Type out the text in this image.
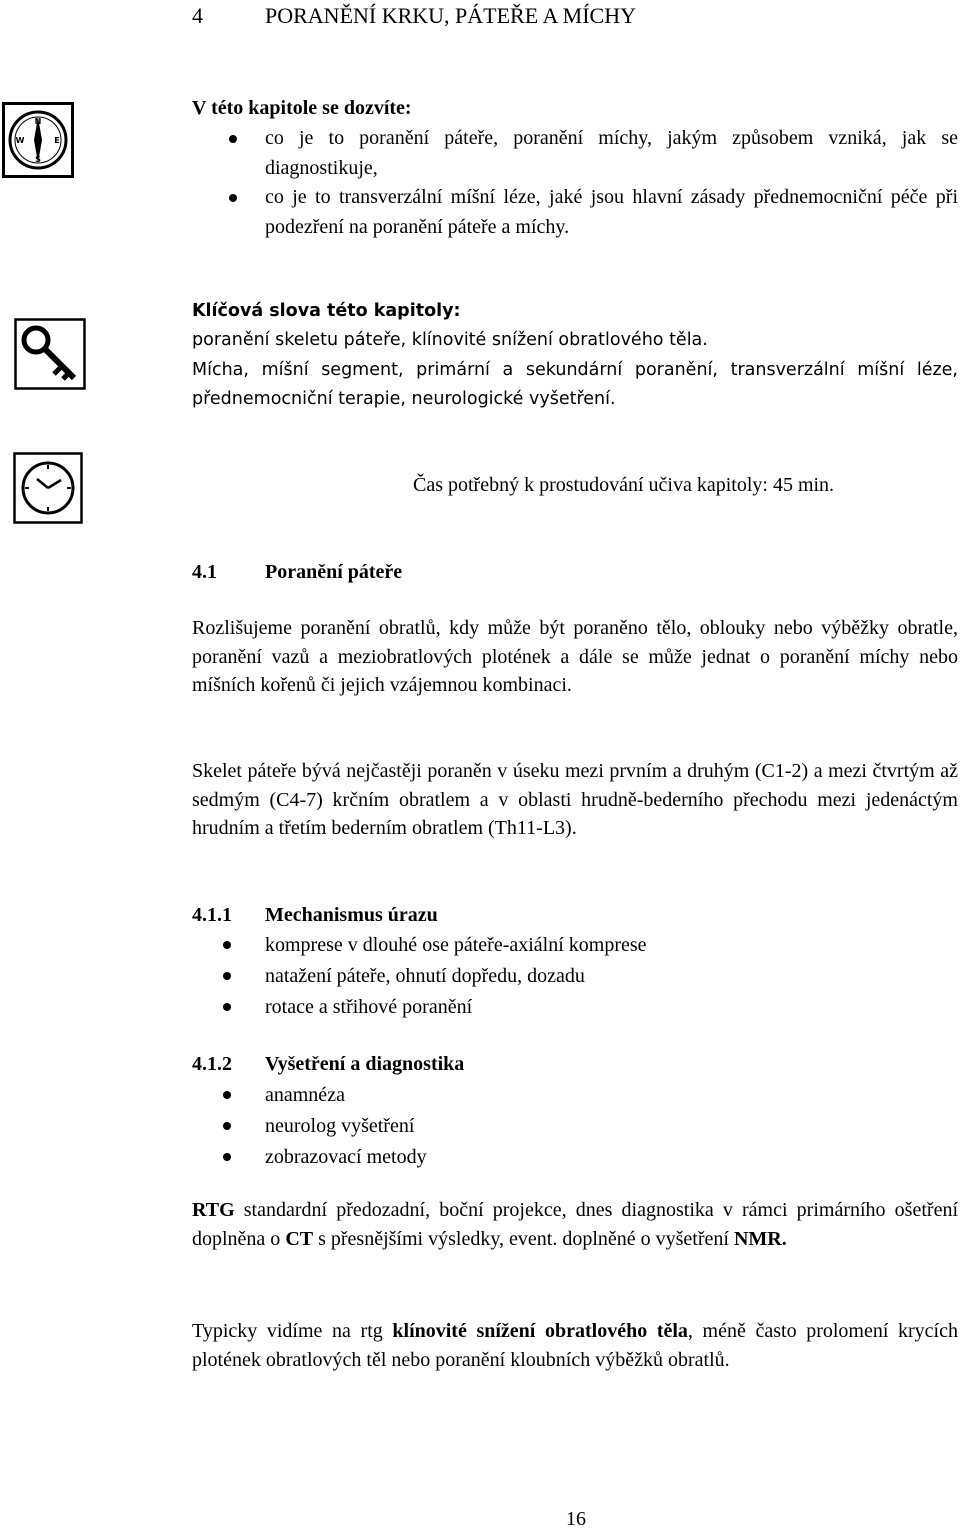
4	PORANĚNÍ KRKU, PÁTEŘE A MÍCHY
N
S
W	E
V této kapitole se dozvíte:
co je to poranění páteře, poranění míchy, jakým způsobem vzniká, jak se diagnostikuje,
co je to transverzální míšní léze, jaké jsou hlavní zásady přednemocniční péče při podezření na poranění páteře a míchy.
Klíčová slova této kapitoly:
poranění skeletu páteře, klínovité snížení obratlového těla.
Mícha, míšní segment, primární a sekundární poranění, transverzální míšní léze, přednemocniční terapie, neurologické vyšetření.
Čas potřebný k prostudování učiva kapitoly: 45 min.
4.1 Poranění páteře
Rozlišujeme poranění obratlů, kdy může být poraněno tělo, oblouky nebo výběžky obratle, poranění vazů a meziobratlových plotének a dále se může jednat o poranění míchy nebo míšních kořenů či jejich vzájemnou kombinaci.
Skelet páteře bývá nejčastěji poraněn v úseku mezi prvním a druhým (C1-2) a mezi čtvrtým až sedmým (C4-7) krčním obratlem a v oblasti hrudně-bederního přechodu mezi jedenáctým hrudním a třetím bederním obratlem (Th11-L3).
4.1.1 Mechanismus úrazu
komprese v dlouhé ose páteře-axiální komprese
natažení páteře, ohnutí dopředu, dozadu
rotace a střihové poranění
4.1.2 Vyšetření a diagnostika
anamnéza
neurolog vyšetření
zobrazovací metody
RTG standardní předozadní, boční projekce, dnes diagnostika v rámci primárního ošetření doplněna o CT s přesnějšími výsledky, event. doplněné o vyšetření NMR.
Typicky vidíme na rtg klínovité snížení obratlového těla, méně často prolomení krycích plotének obratlových těl nebo poranění kloubních výběžků obratlů.
16
